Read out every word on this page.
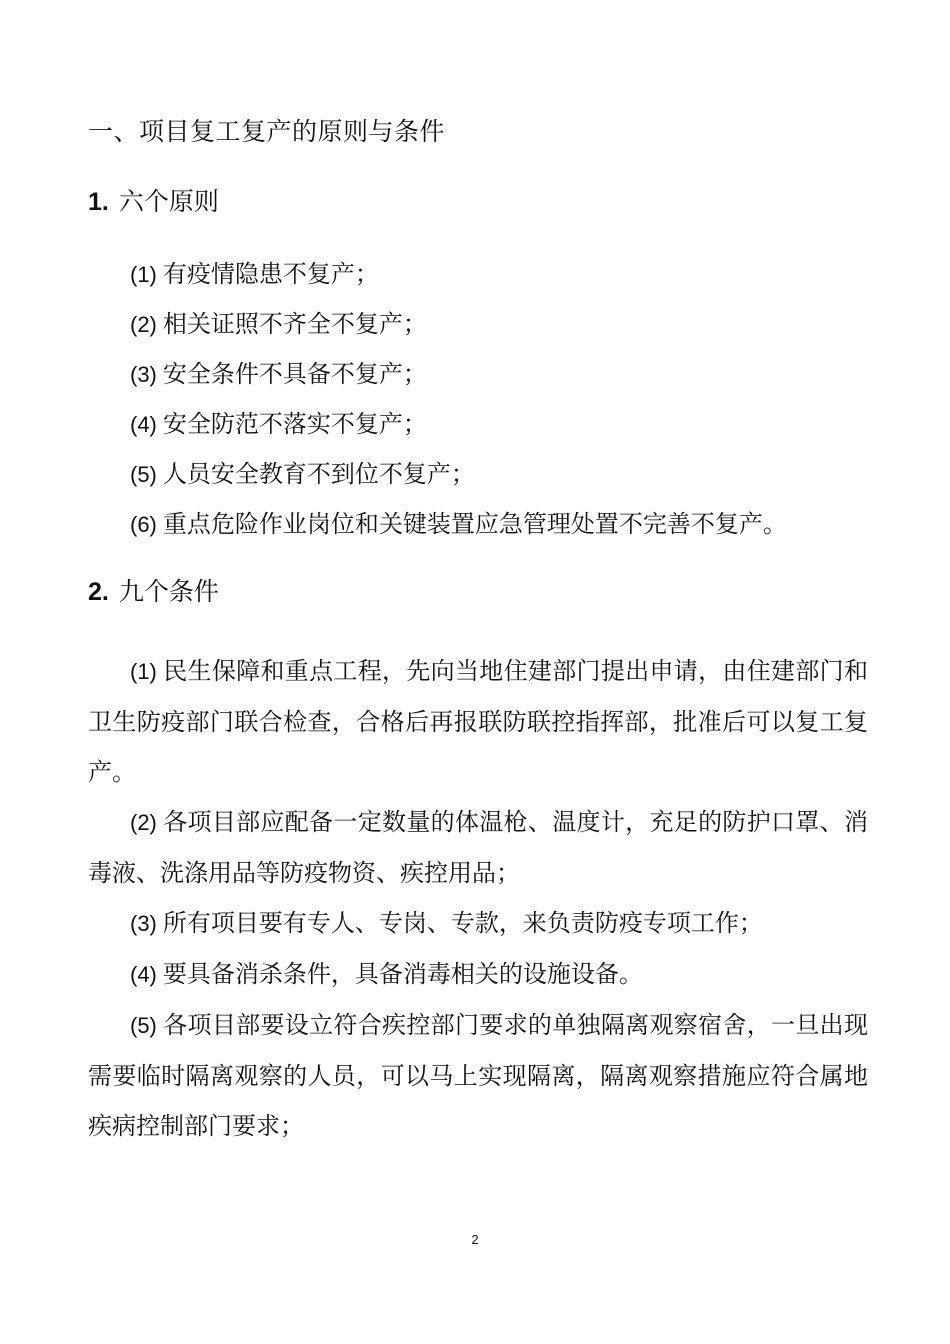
一、项目复工复产的原则与条件
1. 六个原则
(1) 有疫情隐患不复产；
(2) 相关证照不齐全不复产；
(3) 安全条件不具备不复产；
(4) 安全防范不落实不复产；
(5) 人员安全教育不到位不复产；
(6) 重点危险作业岗位和关键装置应急管理处置不完善不复产。
2. 九个条件

(1) 民生保障和重点工程，先向当地住建部门提出申请，由住建部门和卫生防疫部门联合检查，合格后再报联防联控指挥部，批准后可以复工复产。

(2) 各项目部应配备一定数量的体温枪、温度计，充足的防护口罩、消毒液、洗涤用品等防疫物资、疾控用品；

(3) 所有项目要有专人、专岗、专款，来负责防疫专项工作；

(4) 要具备消杀条件，具备消毒相关的设施设备。

(5) 各项目部要设立符合疾控部门要求的单独隔离观察宿舍，一旦出现需要临时隔离观察的人员，可以马上实现隔离，隔离观察措施应符合属地疾病控制部门要求；

2
